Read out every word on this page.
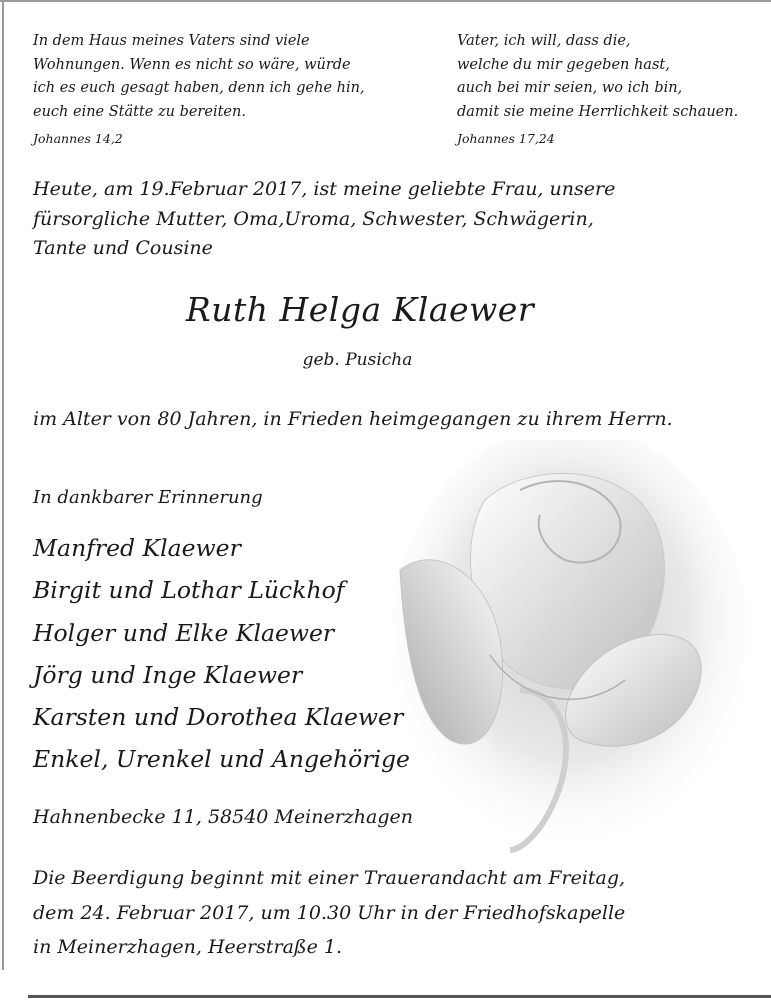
In dem Haus meines Vaters sind viele
Wohnungen. Wenn es nicht so wäre, würde
ich es euch gesagt haben, denn ich gehe hin,
euch eine Stätte zu bereiten.
Johannes 14,2
Vater, ich will, dass die,
welche du mir gegeben hast,
auch bei mir seien, wo ich bin,
damit sie meine Herrlichkeit schauen.
Johannes 17,24
Heute, am 19.Februar 2017, ist meine geliebte Frau, unsere
fürsorgliche Mutter, Oma,Uroma, Schwester, Schwägerin,
Tante und Cousine
Ruth Helga Klaewer
geb. Pusicha
im Alter von 80 Jahren, in Frieden heimgegangen zu ihrem Herrn.
In dankbarer Erinnerung
Manfred Klaewer
Birgit und Lothar Lückhof
Holger und Elke Klaewer
Jörg und Inge Klaewer
Karsten und Dorothea Klaewer
Enkel, Urenkel und Angehörige
Hahnenbecke 11, 58540 Meinerzhagen
Die Beerdigung beginnt mit einer Trauerandacht am Freitag,
dem 24. Februar 2017, um 10.30 Uhr in der Friedhofskapelle
in Meinerzhagen, Heerstraße 1.
